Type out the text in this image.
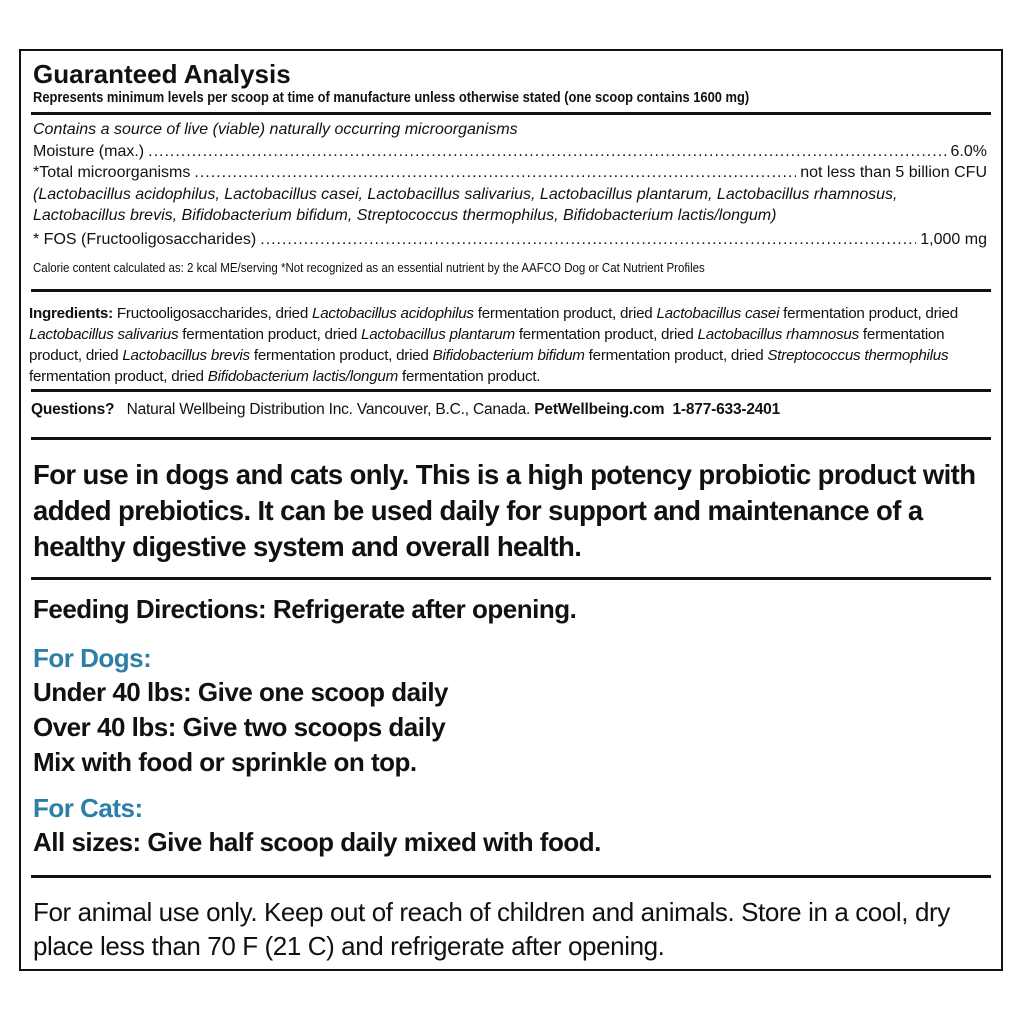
Guaranteed Analysis
Represents minimum levels per scoop at time of manufacture unless otherwise stated (one scoop contains 1600 mg)
Contains a source of live (viable) naturally occurring microorganisms
Moisture (max.) .....	6.0%
*Total microorganisms .....	not less than 5 billion CFU
(Lactobacillus acidophilus, Lactobacillus casei, Lactobacillus salivarius, Lactobacillus plantarum, Lactobacillus rhamnosus,
Lactobacillus brevis, Bifidobacterium bifidum, Streptococcus thermophilus, Bifidobacterium lactis/longum)
* FOS (Fructooligosaccharides) .....	1,000 mg
Calorie content calculated as: 2 kcal ME/serving *Not recognized as an essential nutrient by the AAFCO Dog or Cat Nutrient Profiles
Ingredients: Fructooligosaccharides, dried Lactobacillus acidophilus fermentation product, dried Lactobacillus casei fermentation product, dried Lactobacillus salivarius fermentation product, dried Lactobacillus plantarum fermentation product, dried Lactobacillus rhamnosus fermentation product, dried Lactobacillus brevis fermentation product, dried Bifidobacterium bifidum fermentation product, dried Streptococcus thermophilus fermentation product, dried Bifidobacterium lactis/longum fermentation product.
Questions? Natural Wellbeing Distribution Inc. Vancouver, B.C., Canada. PetWellbeing.com 1-877-633-2401
For use in dogs and cats only. This is a high potency probiotic product with added prebiotics. It can be used daily for support and maintenance of a healthy digestive system and overall health.
Feeding Directions: Refrigerate after opening.
For Dogs:
Under 40 lbs: Give one scoop daily
Over 40 lbs: Give two scoops daily
Mix with food or sprinkle on top.
For Cats:
All sizes: Give half scoop daily mixed with food.
For animal use only. Keep out of reach of children and animals. Store in a cool, dry place less than 70 F (21 C) and refrigerate after opening.
